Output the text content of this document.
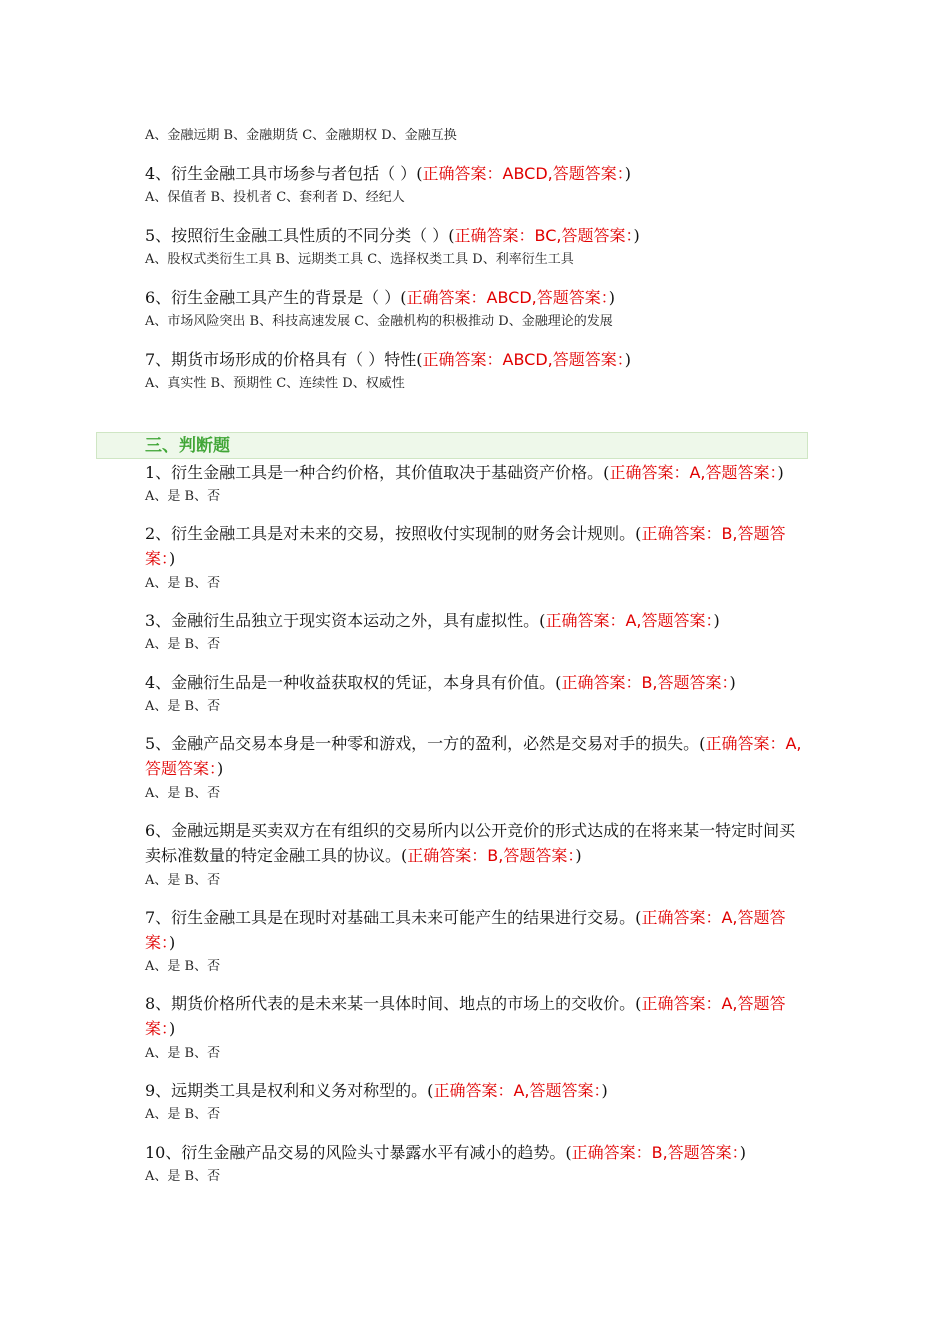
A、金融远期 B、金融期货 C、金融期权 D、金融互换
4、衍生金融工具市场参与者包括（ ）(正确答案：ABCD,答题答案：)
A、保值者 B、投机者 C、套利者 D、经纪人
5、按照衍生金融工具性质的不同分类（ ）(正确答案：BC,答题答案：)
A、股权式类衍生工具 B、远期类工具 C、选择权类工具 D、利率衍生工具
6、衍生金融工具产生的背景是（ ）(正确答案：ABCD,答题答案：)
A、市场风险突出 B、科技高速发展 C、金融机构的积极推动 D、金融理论的发展
7、期货市场形成的价格具有（ ）特性(正确答案：ABCD,答题答案：)
A、真实性 B、预期性 C、连续性 D、权威性
三、判断题
1、衍生金融工具是一种合约价格，其价值取决于基础资产价格。(正确答案：A,答题答案：)
A、是 B、否
2、衍生金融工具是对未来的交易，按照收付实现制的财务会计规则。(正确答案：B,答题答案：)
A、是 B、否
3、金融衍生品独立于现实资本运动之外，具有虚拟性。(正确答案：A,答题答案：)
A、是 B、否
4、金融衍生品是一种收益获取权的凭证，本身具有价值。(正确答案：B,答题答案：)
A、是 B、否
5、金融产品交易本身是一种零和游戏，一方的盈利，必然是交易对手的损失。(正确答案：A,答题答案：)
A、是 B、否
6、金融远期是买卖双方在有组织的交易所内以公开竞价的形式达成的在将来某一特定时间买卖标准数量的特定金融工具的协议。(正确答案：B,答题答案：)
A、是 B、否
7、衍生金融工具是在现时对基础工具未来可能产生的结果进行交易。(正确答案：A,答题答案：)
A、是 B、否
8、期货价格所代表的是未来某一具体时间、地点的市场上的交收价。(正确答案：A,答题答案：)
A、是 B、否
9、远期类工具是权利和义务对称型的。(正确答案：A,答题答案：)
A、是 B、否
10、衍生金融产品交易的风险头寸暴露水平有减小的趋势。(正确答案：B,答题答案：)
A、是 B、否
